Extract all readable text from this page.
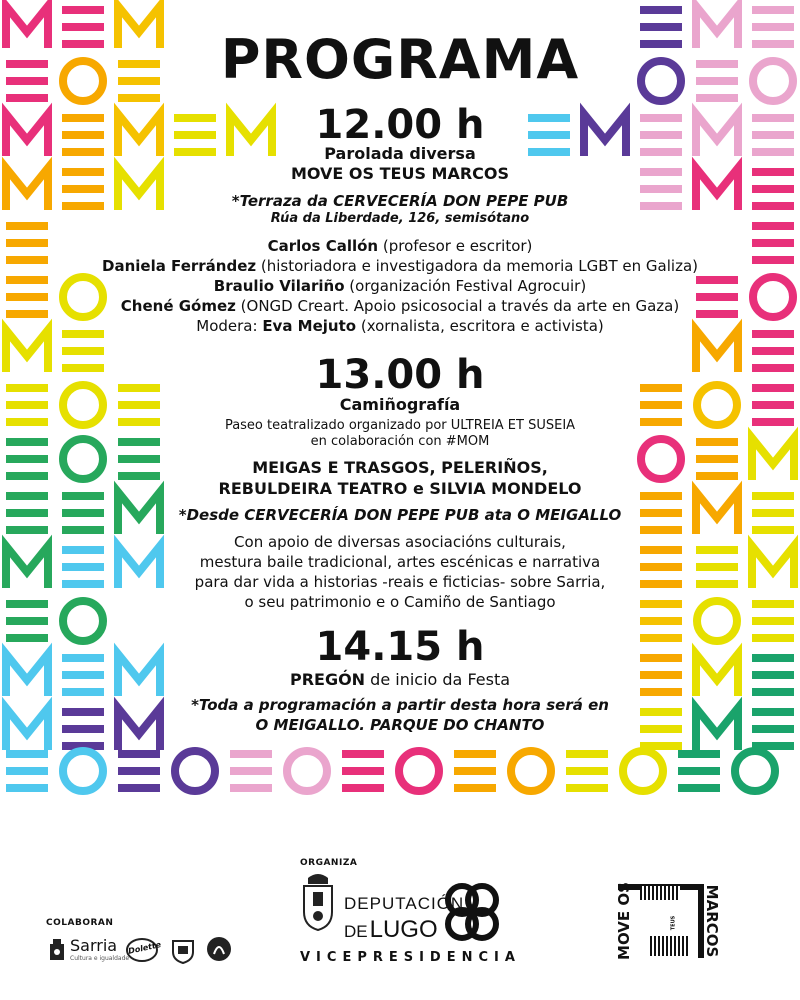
PROGRAMA
12.00 h
Parolada diversa
MOVE OS TEUS MARCOS
*Terraza da CERVECERÍA DON PEPE PUB
Rúa da Liberdade, 126, semisótano
Carlos Callón (profesor e escritor)
Daniela Ferrández (historiadora e investigadora da memoria LGBT en Galiza)
Braulio Vilariño (organización Festival Agrocuir)
Chené Gómez (ONGD Creart. Apoio psicosocial a través da arte en Gaza)
Modera: Eva Mejuto (xornalista, escritora e activista)
13.00 h
Camiñografía
Paseo teatralizado organizado por ULTREIA ET SUSEIA
en colaboración con #MOM
MEIGAS E TRASGOS, PELERIÑOS,
REBULDEIRA TEATRO e SILVIA MONDELO
*Desde CERVECERÍA DON PEPE PUB ata O MEIGALLO
Con apoio de diversas asociacións culturais,
mestura baile tradicional, artes escénicas e narrativa
para dar vida a historias -reais e ficticias- sobre Sarria,
o seu patrimonio e o Camiño de Santiago
14.15 h
PREGÓN de inicio da Festa
*Toda a programación a partir desta hora será en
O MEIGALLO. PARQUE DO CHANTO
COLABORAN
Sarria
Cultura e igualdade
Dolette
ORGANIZA
DEPUTACIÓN
DELUGO
VICEPRESIDENCIA	MOVE OS	MARCOS
TEUS
